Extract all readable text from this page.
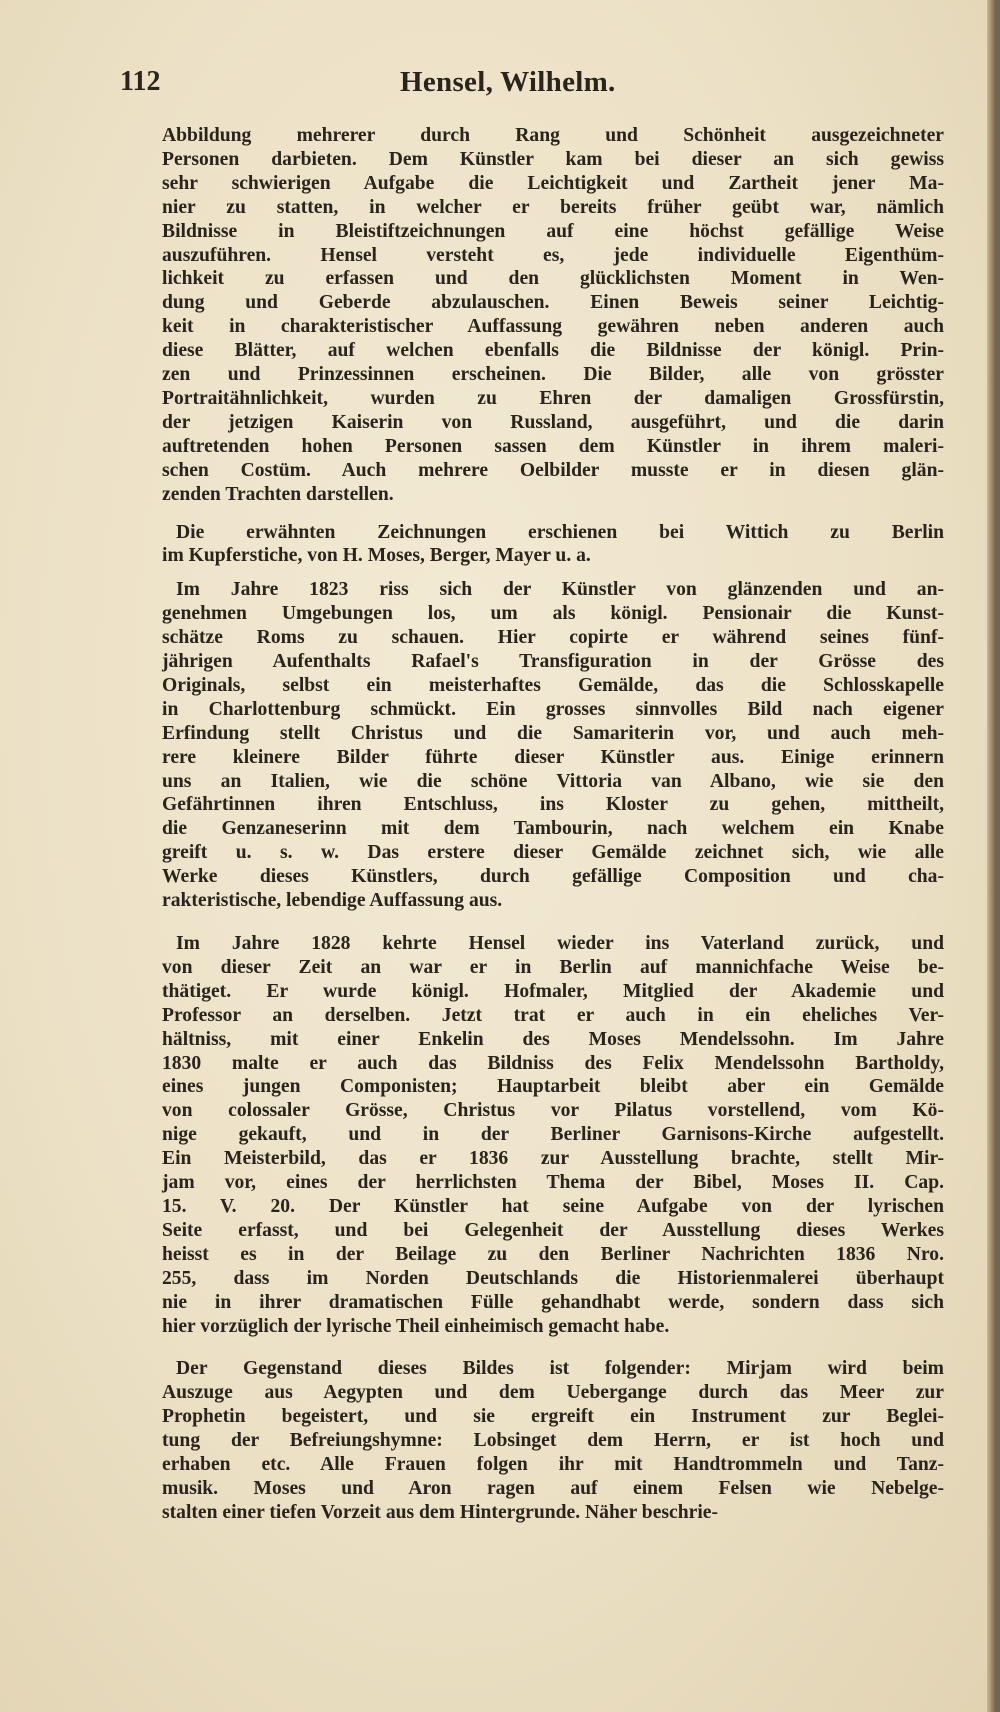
112	Hensel, Wilhelm.
Abbildung mehrerer durch Rang und Schönheit ausgezeichneter
Personen darbieten. Dem Künstler kam bei dieser an sich gewiss
sehr schwierigen Aufgabe die Leichtigkeit und Zartheit jener Ma-
nier zu statten, in welcher er bereits früher geübt war, nämlich
Bildnisse in Bleistiftzeichnungen auf eine höchst gefällige Weise
auszuführen. Hensel versteht es, jede individuelle Eigenthüm-
lichkeit zu erfassen und den glücklichsten Moment in Wen-
dung und Geberde abzulauschen. Einen Beweis seiner Leichtig-
keit in charakteristischer Auffassung gewähren neben anderen auch
diese Blätter, auf welchen ebenfalls die Bildnisse der königl. Prin-
zen und Prinzessinnen erscheinen. Die Bilder, alle von grösster
Portraitähnlichkeit, wurden zu Ehren der damaligen Grossfürstin,
der jetzigen Kaiserin von Russland, ausgeführt, und die darin
auftretenden hohen Personen sassen dem Künstler in ihrem maleri-
schen Costüm. Auch mehrere Oelbilder musste er in diesen glän-
zenden Trachten darstellen.
Die erwähnten Zeichnungen erschienen bei Wittich zu Berlin
im Kupferstiche, von H. Moses, Berger, Mayer u. a.
Im Jahre 1823 riss sich der Künstler von glänzenden und an-
genehmen Umgebungen los, um als königl. Pensionair die Kunst-
schätze Roms zu schauen. Hier copirte er während seines fünf-
jährigen Aufenthalts Rafael's Transfiguration in der Grösse des
Originals, selbst ein meisterhaftes Gemälde, das die Schlosskapelle
in Charlottenburg schmückt. Ein grosses sinnvolles Bild nach eigener
Erfindung stellt Christus und die Samariterin vor, und auch meh-
rere kleinere Bilder führte dieser Künstler aus. Einige erinnern
uns an Italien, wie die schöne Vittoria van Albano, wie sie den
Gefährtinnen ihren Entschluss, ins Kloster zu gehen, mittheilt,
die Genzaneserinn mit dem Tambourin, nach welchem ein Knabe
greift u. s. w. Das erstere dieser Gemälde zeichnet sich, wie alle
Werke dieses Künstlers, durch gefällige Composition und cha-
rakteristische, lebendige Auffassung aus.
Im Jahre 1828 kehrte Hensel wieder ins Vaterland zurück, und
von dieser Zeit an war er in Berlin auf mannichfache Weise be-
thätiget. Er wurde königl. Hofmaler, Mitglied der Akademie und
Professor an derselben. Jetzt trat er auch in ein eheliches Ver-
hältniss, mit einer Enkelin des Moses Mendelssohn. Im Jahre
1830 malte er auch das Bildniss des Felix Mendelssohn Bartholdy,
eines jungen Componisten; Hauptarbeit bleibt aber ein Gemälde
von colossaler Grösse, Christus vor Pilatus vorstellend, vom Kö-
nige gekauft, und in der Berliner Garnisons-Kirche aufgestellt.
Ein Meisterbild, das er 1836 zur Ausstellung brachte, stellt Mir-
jam vor, eines der herrlichsten Thema der Bibel, Moses II. Cap.
15. V. 20. Der Künstler hat seine Aufgabe von der lyrischen
Seite erfasst, und bei Gelegenheit der Ausstellung dieses Werkes
heisst es in der Beilage zu den Berliner Nachrichten 1836 Nro.
255, dass im Norden Deutschlands die Historienmalerei überhaupt
nie in ihrer dramatischen Fülle gehandhabt werde, sondern dass sich
hier vorzüglich der lyrische Theil einheimisch gemacht habe.
Der Gegenstand dieses Bildes ist folgender: Mirjam wird beim
Auszuge aus Aegypten und dem Uebergange durch das Meer zur
Prophetin begeistert, und sie ergreift ein Instrument zur Beglei-
tung der Befreiungshymne: Lobsinget dem Herrn, er ist hoch und
erhaben etc. Alle Frauen folgen ihr mit Handtrommeln und Tanz-
musik. Moses und Aron ragen auf einem Felsen wie Nebelge-
stalten einer tiefen Vorzeit aus dem Hintergrunde. Näher beschrie-
